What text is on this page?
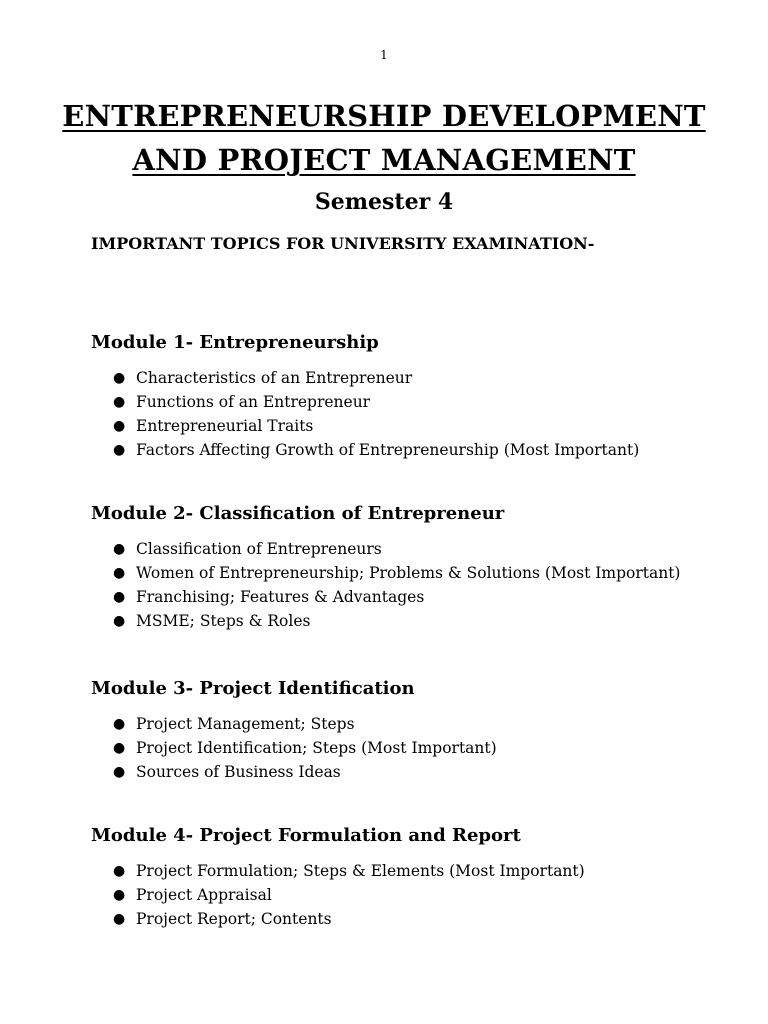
1
ENTREPRENEURSHIP DEVELOPMENT
AND PROJECT MANAGEMENT
Semester 4
IMPORTANT TOPICS FOR UNIVERSITY EXAMINATION-
Module 1- Entrepreneurship
● Characteristics of an Entrepreneur
● Functions of an Entrepreneur
● Entrepreneurial Traits
● Factors Affecting Growth of Entrepreneurship (Most Important)
Module 2- Classification of Entrepreneur
● Classification of Entrepreneurs
● Women of Entrepreneurship; Problems & Solutions (Most Important)
● Franchising; Features & Advantages
● MSME; Steps & Roles
Module 3- Project Identification
● Project Management; Steps
● Project Identification; Steps (Most Important)
● Sources of Business Ideas
Module 4- Project Formulation and Report
● Project Formulation; Steps & Elements (Most Important)
● Project Appraisal
● Project Report; Contents
